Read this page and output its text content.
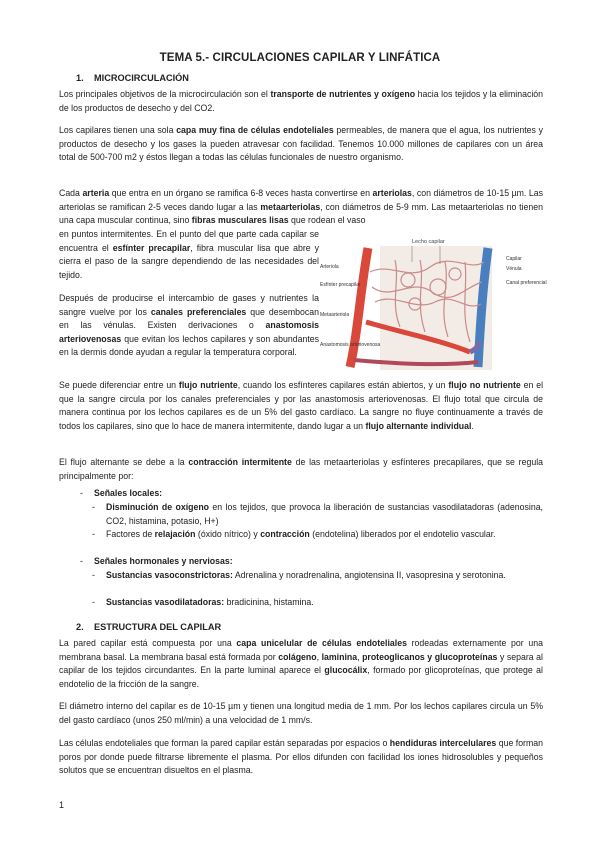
TEMA 5.- CIRCULACIONES CAPILAR Y LINFÁTICA
1. MICROCIRCULACIÓN

Los principales objetivos de la microcirculación son el transporte de nutrientes y oxígeno hacia los tejidos y la eliminación de los productos de desecho y del CO2.

Los capilares tienen una sola capa muy fina de células endoteliales permeables, de manera que el agua, los nutrientes y productos de desecho y los gases la pueden atravesar con facilidad. Tenemos 10.000 millones de capilares con un área total de 500-700 m2 y éstos llegan a todas las células funcionales de nuestro organismo.

Cada arteria que entra en un órgano se ramifica 6-8 veces hasta convertirse en arteriolas, con diámetros de 10-15 µm. Las arteriolas se ramifican 2-5 veces dando lugar a las metaarteriolas, con diámetros de 5-9 mm. Las metaarteriolas no tienen una capa muscular continua, sino fibras musculares lisas que rodean el vaso

en puntos intermitentes. En el punto del que parte cada capilar se encuentra el esfínter precapilar, fibra muscular lisa que abre y cierra el paso de la sangre dependiendo de las necesidades del tejido.

Después de producirse el intercambio de gases y nutrientes la sangre vuelve por los canales preferenciales que desembocan en las vénulas. Existen derivaciones o anastomosis arteriovenosas que evitan los lechos capilares y son abundantes en la dermis donde ayudan a regular la temperatura corporal.

Lecho capilar
Arteriola
Esfínter precapilar
Metaarteriola
Anastomosis arteriovenosa
Capilar
Vénula
Canal preferencial

Se puede diferenciar entre un flujo nutriente, cuando los esfínteres capilares están abiertos, y un flujo no nutriente en el que la sangre circula por los canales preferenciales y por las anastomosis arteriovenosas. El flujo total que circula de manera continua por los lechos capilares es de un 5% del gasto cardíaco. La sangre no fluye continuamente a través de todos los capilares, sino que lo hace de manera intermitente, dando lugar a un flujo alternante individual.

El flujo alternante se debe a la contracción intermitente de las metaarteriolas y esfínteres precapilares, que se regula principalmente por:

- Señales locales:

- Disminución de oxígeno en los tejidos, que provoca la liberación de sustancias vasodilatadoras (adenosina, CO2, histamina, potasio, H+)

- Factores de relajación (óxido nítrico) y contracción (endotelina) liberados por el endotelio vascular.

- Señales hormonales y nerviosas:

- Sustancias vasoconstrictoras: Adrenalina y noradrenalina, angiotensina II, vasopresina y serotonina.

- Sustancias vasodilatadoras: bradicinina, histamina.

2. ESTRUCTURA DEL CAPILAR

La pared capilar está compuesta por una capa unicelular de células endoteliales rodeadas externamente por una membrana basal. La membrana basal está formada por colágeno, laminina, proteoglicanos y glucoproteínas y separa al capilar de los tejidos circundantes. En la parte luminal aparece el glucocálix, formado por glicoproteínas, que protege al endotelio de la fricción de la sangre.

El diámetro interno del capilar es de 10-15 µm y tienen una longitud media de 1 mm. Por los lechos capilares circula un 5% del gasto cardíaco (unos 250 ml/min) a una velocidad de 1 mm/s.

Las células endoteliales que forman la pared capilar están separadas por espacios o hendiduras intercelulares que forman poros por donde puede filtrarse libremente el plasma. Por ellos difunden con facilidad los iones hidrosolubles y pequeños solutos que se encuentran disueltos en el plasma.

1
